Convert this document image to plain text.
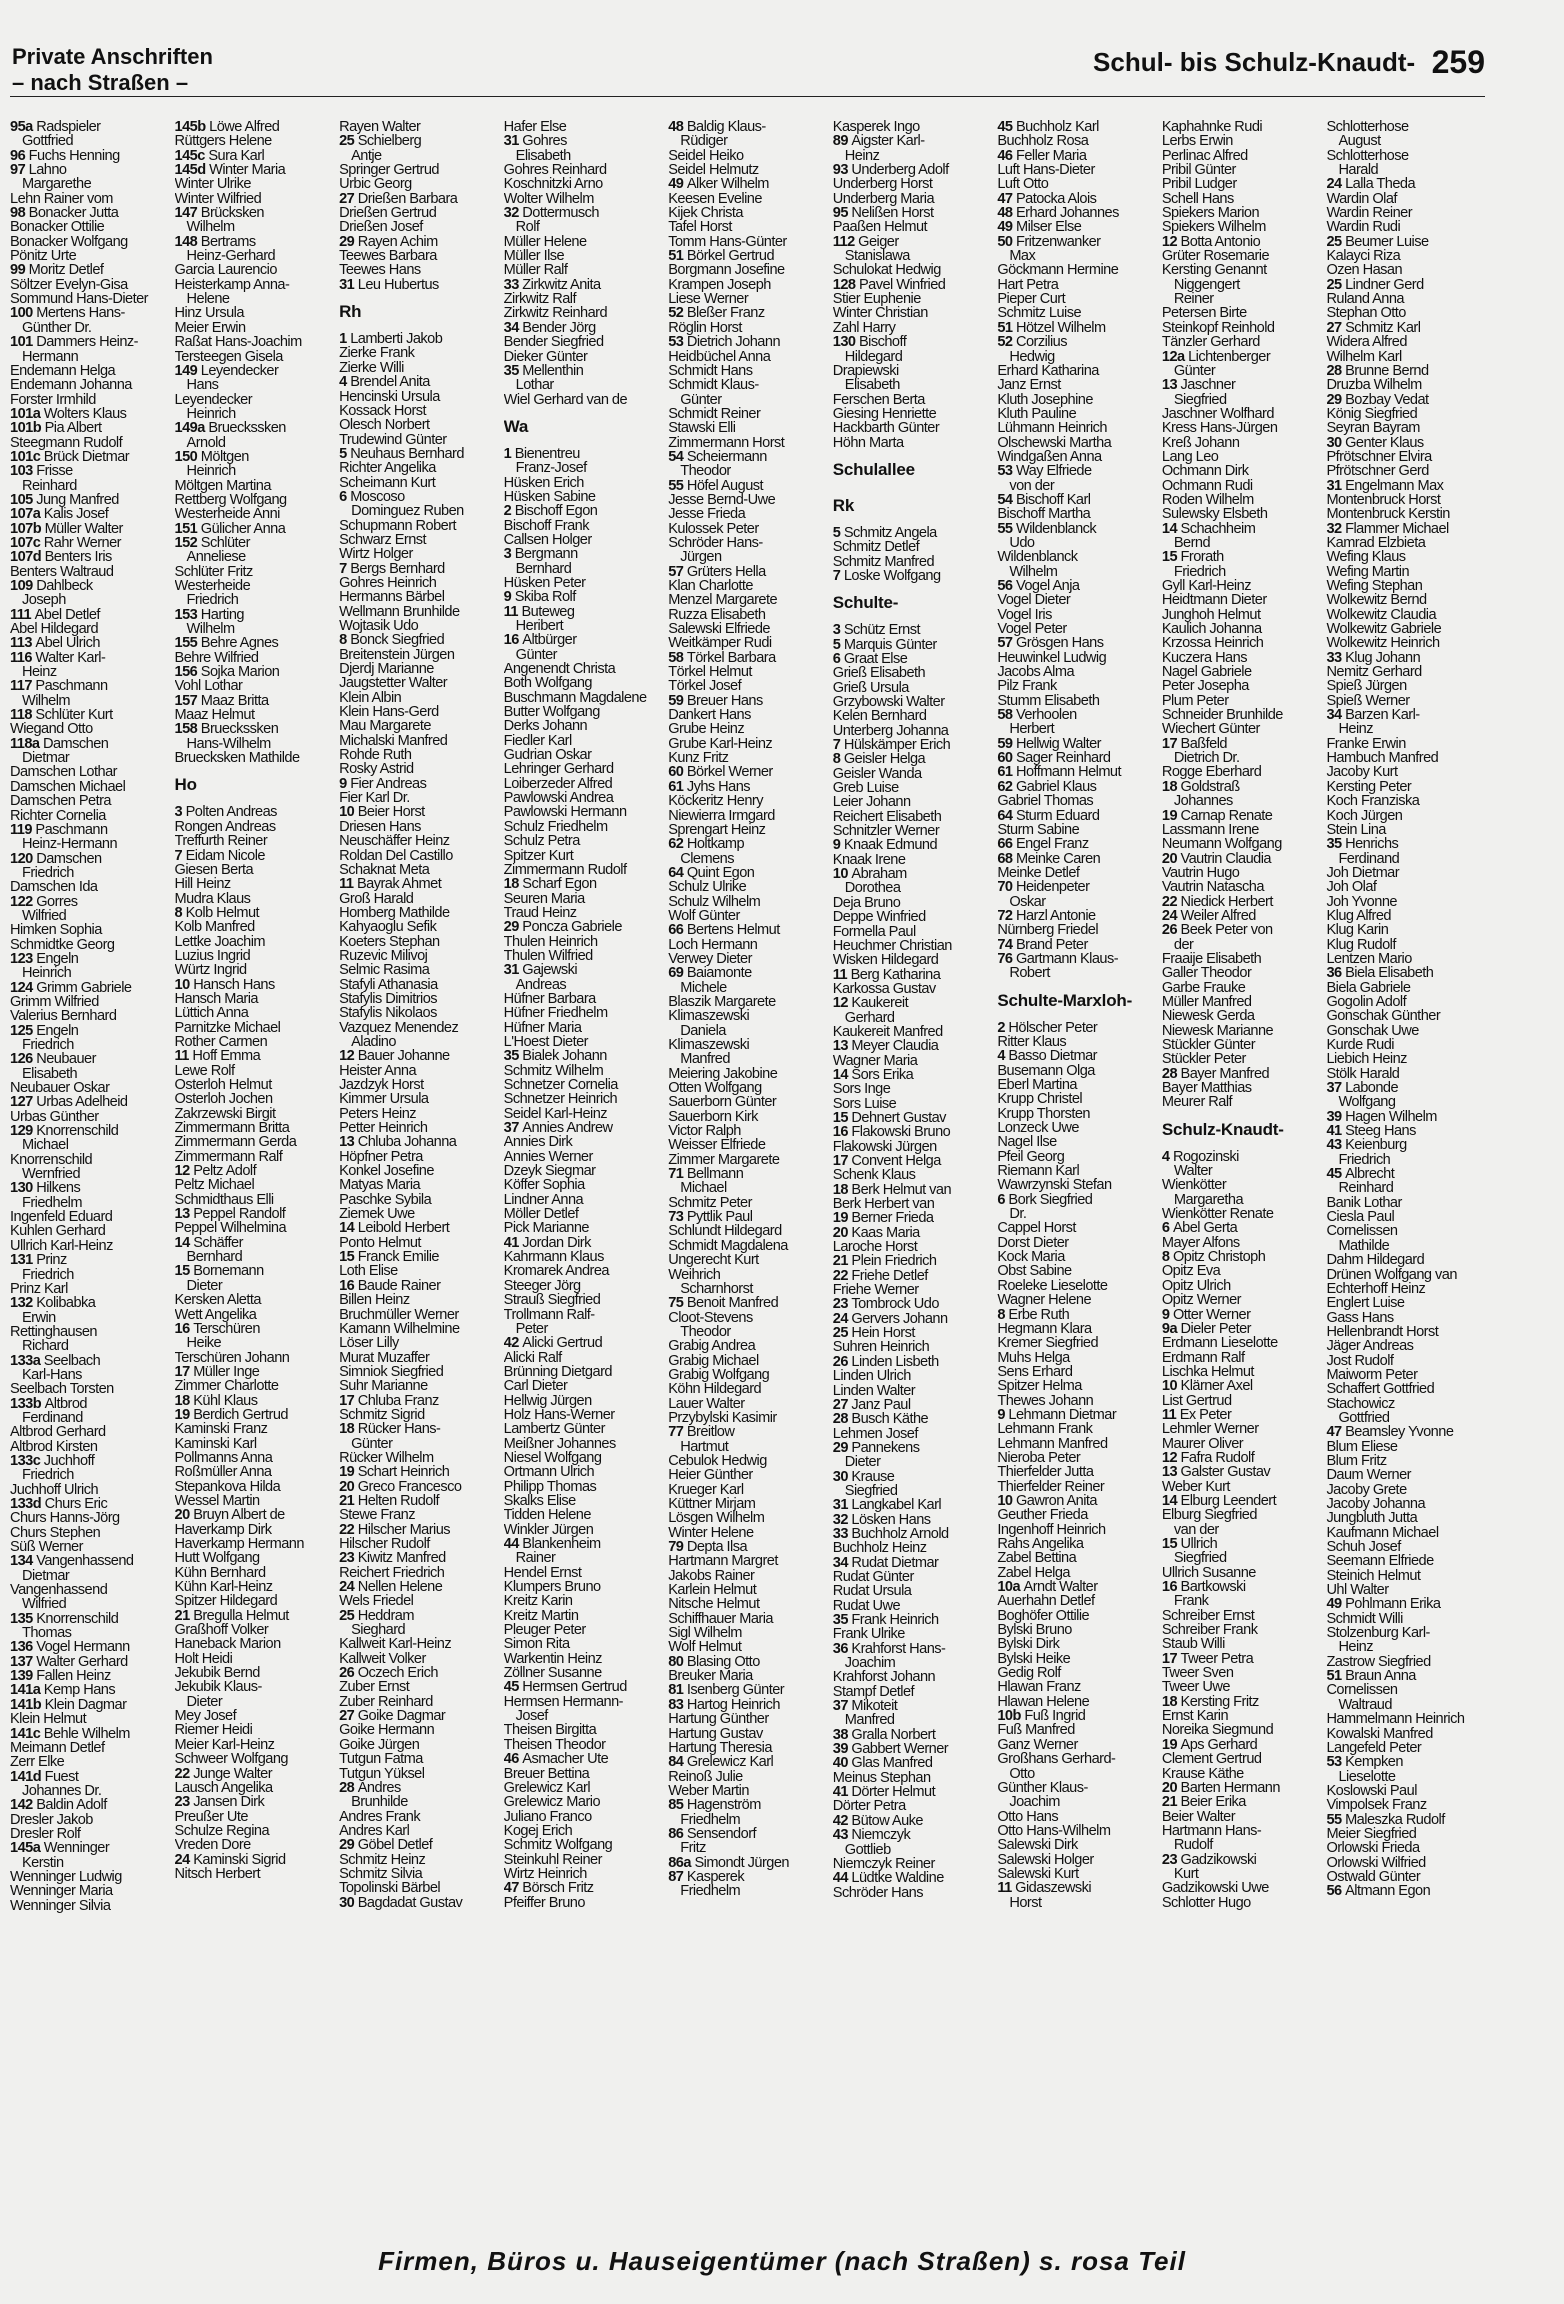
Private Anschriften
– nach Straßen –
Schul- bis Schulz-Knaudt- 259
95a Radspieler
Gottfried
96 Fuchs Henning
97 Lahno
Margarethe
Lehn Rainer vom
98 Bonacker Jutta
Bonacker Ottilie
Bonacker Wolfgang
Pönitz Urte
99 Moritz Detlef
Söltzer Evelyn-Gisa
Sommund Hans-Dieter
100 Mertens Hans-
Günther Dr.
101 Dammers Heinz-
Hermann
Endemann Helga
Endemann Johanna
Forster Irmhild
101a Wolters Klaus
101b Pia Albert
Steegmann Rudolf
101c Brück Dietmar
103 Frisse
Reinhard
105 Jung Manfred
107a Kalis Josef
107b Müller Walter
107c Rahr Werner
107d Benters Iris
Benters Waltraud
109 Dahlbeck
Joseph
111 Abel Detlef
Abel Hildegard
113 Abel Ulrich
116 Walter Karl-
Heinz
117 Paschmann
Wilhelm
118 Schlüter Kurt
Wiegand Otto
118a Damschen
Dietmar
Damschen Lothar
Damschen Michael
Damschen Petra
Richter Cornelia
119 Paschmann
Heinz-Hermann
120 Damschen
Friedrich
Damschen Ida
122 Gorres
Wilfried
Himken Sophia
Schmidtke Georg
123 Engeln
Heinrich
124 Grimm Gabriele
Grimm Wilfried
Valerius Bernhard
125 Engeln
Friedrich
126 Neubauer
Elisabeth
Neubauer Oskar
127 Urbas Adelheid
Urbas Günther
129 Knorrenschild
Michael
Knorrenschild
Wernfried
130 Hilkens
Friedhelm
Ingenfeld Eduard
Kuhlen Gerhard
Ullrich Karl-Heinz
131 Prinz
Friedrich
Prinz Karl
132 Kolibabka
Erwin
Rettinghausen
Richard
133a Seelbach
Karl-Hans
Seelbach Torsten
133b Altbrod
Ferdinand
Altbrod Gerhard
Altbrod Kirsten
133c Juchhoff
Friedrich
Juchhoff Ulrich
133d Churs Eric
Churs Hanns-Jörg
Churs Stephen
Süß Werner
134 Vangenhassend
Dietmar
Vangenhassend
Wilfried
135 Knorrenschild
Thomas
136 Vogel Hermann
137 Walter Gerhard
139 Fallen Heinz
141a Kemp Hans
141b Klein Dagmar
Klein Helmut
141c Behle Wilhelm
Meimann Detlef
Zerr Elke
141d Fuest
Johannes Dr.
142 Baldin Adolf
Dresler Jakob
Dresler Rolf
145a Wenninger
Kerstin
Wenninger Ludwig
Wenninger Maria
Wenninger Silvia
145b Löwe Alfred
Rüttgers Helene
145c Sura Karl
145d Winter Maria
Winter Ulrike
Winter Wilfried
147 Brücksken
Wilhelm
148 Bertrams
Heinz-Gerhard
Garcia Laurencio
Heisterkamp Anna-
Helene
Hinz Ursula
Meier Erwin
Raßat Hans-Joachim
Tersteegen Gisela
149 Leyendecker
Hans
Leyendecker
Heinrich
149a Brueckssken
Arnold
150 Möltgen
Heinrich
Möltgen Martina
Rettberg Wolfgang
Westerheide Anni
151 Gülicher Anna
152 Schlüter
Anneliese
Schlüter Fritz
Westerheide
Friedrich
153 Harting
Wilhelm
155 Behre Agnes
Behre Wilfried
156 Sojka Marion
Vohl Lothar
157 Maaz Britta
Maaz Helmut
158 Brueckssken
Hans-Wilhelm
Bruecksken Mathilde

Ho

3 Polten Andreas
Rongen Andreas
Treffurth Reiner
7 Eidam Nicole
Giesen Berta
Hill Heinz
Mudra Klaus
8 Kolb Helmut
Kolb Manfred
Lettke Joachim
Luzius Ingrid
Würtz Ingrid
10 Hansch Hans
Hansch Maria
Lüttich Anna
Parnitzke Michael
Rother Carmen
11 Hoff Emma
Lewe Rolf
Osterloh Helmut
Osterloh Jochen
Zakrzewski Birgit
Zimmermann Britta
Zimmermann Gerda
Zimmermann Ralf
12 Peltz Adolf
Peltz Michael
Schmidthaus Elli
13 Peppel Randolf
Peppel Wilhelmina
14 Schäffer
Bernhard
15 Bornemann
Dieter
Kersken Aletta
Wett Angelika
16 Terschüren
Heike
Terschüren Johann
17 Müller Inge
Zimmer Charlotte
18 Kühl Klaus
19 Berdich Gertrud
Kaminski Franz
Kaminski Karl
Pollmanns Anna
Roßmüller Anna
Stepankova Hilda
Wessel Martin
20 Bruyn Albert de
Haverkamp Dirk
Haverkamp Hermann
Hutt Wolfgang
Kühn Bernhard
Kühn Karl-Heinz
Spitzer Hildegard
21 Bregulla Helmut
Graßhoff Volker
Haneback Marion
Holt Heidi
Jekubik Bernd
Jekubik Klaus-
Dieter
Mey Josef
Riemer Heidi
Meier Karl-Heinz
Schweer Wolfgang
22 Junge Walter
Lausch Angelika
23 Jansen Dirk
Preußer Ute
Schulze Regina
Vreden Dore
24 Kaminski Sigrid
Nitsch Herbert
Rayen Walter
25 Schielberg
Antje
Springer Gertrud
Urbic Georg
27 Drießen Barbara
Drießen Gertrud
Drießen Josef
29 Rayen Achim
Teewes Barbara
Teewes Hans
31 Leu Hubertus

Rh

1 Lamberti Jakob
Zierke Frank
Zierke Willi
4 Brendel Anita
Hencinski Ursula
Kossack Horst
Olesch Norbert
Trudewind Günter
5 Neuhaus Bernhard
Richter Angelika
Scheimann Kurt
6 Moscoso
Dominguez Ruben
Schupmann Robert
Schwarz Ernst
Wirtz Holger
7 Bergs Bernhard
Gohres Heinrich
Hermanns Bärbel
Wellmann Brunhilde
Wojtasik Udo
8 Bonck Siegfried
Breitenstein Jürgen
Djerdj Marianne
Jaugstetter Walter
Klein Albin
Klein Hans-Gerd
Mau Margarete
Michalski Manfred
Rohde Ruth
Rosky Astrid
9 Fier Andreas
Fier Karl Dr.
10 Beier Horst
Driesen Hans
Neuschäffer Heinz
Roldan Del Castillo
Schaknat Meta
11 Bayrak Ahmet
Groß Harald
Homberg Mathilde
Kahyaoglu Sefik
Koeters Stephan
Ruzevic Milivoj
Selmic Rasima
Stafyli Athanasia
Stafylis Dimitrios
Stafylis Nikolaos
Vazquez Menendez
Aladino
12 Bauer Johanne
Heister Anna
Jazdzyk Horst
Kimmer Ursula
Peters Heinz
Petter Heinrich
13 Chluba Johanna
Höpfner Petra
Konkel Josefine
Matyas Maria
Paschke Sybila
Ziemek Uwe
14 Leibold Herbert
Ponto Helmut
15 Franck Emilie
Loth Elise
16 Baude Rainer
Billen Heinz
Bruchmüller Werner
Kamann Wilhelmine
Löser Lilly
Murat Muzaffer
Simniok Siegfried
Suhr Marianne
17 Chluba Franz
Schmitz Sigrid
18 Rücker Hans-
Günter
Rücker Wilhelm
19 Schart Heinrich
20 Greco Francesco
21 Helten Rudolf
Stewe Franz
22 Hilscher Marius
Hilscher Rudolf
23 Kiwitz Manfred
Reichert Friedrich
24 Nellen Helene
Wels Friedel
25 Heddram
Sieghard
Kallweit Karl-Heinz
Kallweit Volker
26 Oczech Erich
Zuber Ernst
Zuber Reinhard
27 Goike Dagmar
Goike Hermann
Goike Jürgen
Tutgun Fatma
Tutgun Yüksel
28 Andres
Brunhilde
Andres Frank
Andres Karl
29 Göbel Detlef
Schmitz Heinz
Schmitz Silvia
Topolinski Bärbel
30 Bagdadat Gustav
Hafer Else
31 Gohres
Elisabeth
Gohres Reinhard
Koschnitzki Arno
Wolter Wilhelm
32 Dottermusch
Rolf
Müller Helene
Müller Ilse
Müller Ralf
33 Zirkwitz Anita
Zirkwitz Ralf
Zirkwitz Reinhard
34 Bender Jörg
Bender Siegfried
Dieker Günter
35 Mellenthin
Lothar
Wiel Gerhard van de

Wa

1 Bienentreu
Franz-Josef
Hüsken Erich
Hüsken Sabine
2 Bischoff Egon
Bischoff Frank
Callsen Holger
3 Bergmann
Bernhard
Hüsken Peter
9 Skiba Rolf
11 Buteweg
Heribert
16 Altbürger
Günter
Angenendt Christa
Both Wolfgang
Buschmann Magdalene
Butter Wolfgang
Derks Johann
Fiedler Karl
Gudrian Oskar
Lehringer Gerhard
Loiberzeder Alfred
Pawlowski Andrea
Pawlowski Hermann
Schulz Friedhelm
Schulz Petra
Spitzer Kurt
Zimmermann Rudolf
18 Scharf Egon
Seuren Maria
Traud Heinz
29 Poncza Gabriele
Thulen Heinrich
Thulen Wilfried
31 Gajewski
Andreas
Hüfner Barbara
Hüfner Friedhelm
Hüfner Maria
L'Hoest Dieter
35 Bialek Johann
Schmitz Wilhelm
Schnetzer Cornelia
Schnetzer Heinrich
Seidel Karl-Heinz
37 Annies Andrew
Annies Dirk
Annies Werner
Dzeyk Siegmar
Köffer Sophia
Lindner Anna
Möller Detlef
Pick Marianne
41 Jordan Dirk
Kahrmann Klaus
Kromarek Andrea
Steeger Jörg
Strauß Siegfried
Trollmann Ralf-
Peter
42 Alicki Gertrud
Alicki Ralf
Brünning Dietgard
Carl Dieter
Hellwig Jürgen
Holz Hans-Werner
Lambertz Günter
Meißner Johannes
Niesel Wolfgang
Ortmann Ulrich
Philipp Thomas
Skalks Elise
Tidden Helene
Winkler Jürgen
44 Blankenheim
Rainer
Hendel Ernst
Klumpers Bruno
Kreitz Karin
Kreitz Martin
Pleuger Peter
Simon Rita
Warkentin Heinz
Zöllner Susanne
45 Hermsen Gertrud
Hermsen Hermann-
Josef
Theisen Birgitta
Theisen Theodor
46 Asmacher Ute
Breuer Bettina
Grelewicz Karl
Grelewicz Mario
Juliano Franco
Kogej Erich
Schmitz Wolfgang
Steinkuhl Reiner
Wirtz Heinrich
47 Börsch Fritz
Pfeiffer Bruno
48 Baldig Klaus-
Rüdiger
Seidel Heiko
Seidel Helmutz
49 Alker Wilhelm
Keesen Eveline
Kijek Christa
Tafel Horst
Tomm Hans-Günter
51 Börkel Gertrud
Borgmann Josefine
Krampen Joseph
Liese Werner
52 Bleßer Franz
Röglin Horst
53 Dietrich Johann
Heidbüchel Anna
Schmidt Hans
Schmidt Klaus-
Günter
Schmidt Reiner
Stawski Elli
Zimmermann Horst
54 Scheiermann
Theodor
55 Höfel August
Jesse Bernd-Uwe
Jesse Frieda
Kulossek Peter
Schröder Hans-
Jürgen
57 Grüters Hella
Klan Charlotte
Menzel Margarete
Ruzza Elisabeth
Salewski Elfriede
Weitkämper Rudi
58 Törkel Barbara
Törkel Helmut
Törkel Josef
59 Breuer Hans
Dankert Hans
Grube Heinz
Grube Karl-Heinz
Kunz Fritz
60 Börkel Werner
61 Jyhs Hans
Köckeritz Henry
Niewierra Irmgard
Sprengart Heinz
62 Holtkamp
Clemens
64 Quint Egon
Schulz Ulrike
Schulz Wilhelm
Wolf Günter
66 Bertens Helmut
Loch Hermann
Verwey Dieter
69 Baiamonte
Michele
Blaszik Margarete
Klimaszewski
Daniela
Klimaszewski
Manfred
Meiering Jakobine
Otten Wolfgang
Sauerborn Günter
Sauerborn Kirk
Victor Ralph
Weisser Elfriede
Zimmer Margarete
71 Bellmann
Michael
Schmitz Peter
73 Pyttlik Paul
Schlundt Hildegard
Schmidt Magdalena
Ungerecht Kurt
Weihrich
Scharnhorst
75 Benoit Manfred
Cloot-Stevens
Theodor
Grabig Andrea
Grabig Michael
Grabig Wolfgang
Köhn Hildegard
Lauer Walter
Przybylski Kasimir
77 Breitlow
Hartmut
Cebulok Hedwig
Heier Günther
Krueger Karl
Küttner Mirjam
Lösgen Wilhelm
Winter Helene
79 Depta Ilsa
Hartmann Margret
Jakobs Rainer
Karlein Helmut
Nitsche Helmut
Schiffhauer Maria
Sigl Wilhelm
Wolf Helmut
80 Blasing Otto
Breuker Maria
81 Isenberg Günter
83 Hartog Heinrich
Hartung Günther
Hartung Gustav
Hartung Theresia
84 Grelewicz Karl
Reinoß Julie
Weber Martin
85 Hagenström
Friedhelm
86 Sensendorf
Fritz
86a Simondt Jürgen
87 Kasperek
Friedhelm
Kasperek Ingo
89 Aigster Karl-
Heinz
93 Underberg Adolf
Underberg Horst
Underberg Maria
95 Nelißen Horst
Paaßen Helmut
112 Geiger
Stanislawa
Schulokat Hedwig
128 Pavel Winfried
Stier Euphenie
Winter Christian
Zahl Harry
130 Bischoff
Hildegard
Drapiewski
Elisabeth
Ferschen Berta
Giesing Henriette
Hackbarth Günter
Höhn Marta

Schulallee

Rk

5 Schmitz Angela
Schmitz Detlef
Schmitz Manfred
7 Loske Wolfgang

Schulte-

3 Schütz Ernst
5 Marquis Günter
6 Graat Else
Grieß Elisabeth
Grieß Ursula
Grzybowski Walter
Kelen Bernhard
Unterberg Johanna
7 Hülskämper Erich
8 Geisler Helga
Geisler Wanda
Greb Luise
Leier Johann
Reichert Elisabeth
Schnitzler Werner
9 Knaak Edmund
Knaak Irene
10 Abraham
Dorothea
Deja Bruno
Deppe Winfried
Formella Paul
Heuchmer Christian
Wisken Hildegard
11 Berg Katharina
Karkossa Gustav
12 Kaukereit
Gerhard
Kaukereit Manfred
13 Meyer Claudia
Wagner Maria
14 Sors Erika
Sors Inge
Sors Luise
15 Dehnert Gustav
16 Flakowski Bruno
Flakowski Jürgen
17 Convent Helga
Schenk Klaus
18 Berk Helmut van
Berk Herbert van
19 Berner Frieda
20 Kaas Maria
Laroche Horst
21 Plein Friedrich
22 Friehe Detlef
Friehe Werner
23 Tombrock Udo
24 Gervers Johann
25 Hein Horst
Suhren Heinrich
26 Linden Lisbeth
Linden Ulrich
Linden Walter
27 Janz Paul
28 Busch Käthe
Lehmen Josef
29 Pannekens
Dieter
30 Krause
Siegfried
31 Langkabel Karl
32 Lösken Hans
33 Buchholz Arnold
Buchholz Heinz
34 Rudat Dietmar
Rudat Günter
Rudat Ursula
Rudat Uwe
35 Frank Heinrich
Frank Ulrike
36 Krahforst Hans-
Joachim
Krahforst Johann
Stampf Detlef
37 Mikoteit
Manfred
38 Gralla Norbert
39 Gabbert Werner
40 Glas Manfred
Meinus Stephan
41 Dörter Helmut
Dörter Petra
42 Bütow Auke
43 Niemczyk
Gottlieb
Niemczyk Reiner
44 Lüdtke Waldine
Schröder Hans
45 Buchholz Karl
Buchholz Rosa
46 Feller Maria
Luft Hans-Dieter
Luft Otto
47 Patocka Alois
48 Erhard Johannes
49 Milser Else
50 Fritzenwanker
Max
Göckmann Hermine
Hart Petra
Pieper Curt
Schmitz Luise
51 Hötzel Wilhelm
52 Corzilius
Hedwig
Erhard Katharina
Janz Ernst
Kluth Josephine
Kluth Pauline
Lühmann Heinrich
Olschewski Martha
Windgaßen Anna
53 Way Elfriede
von der
54 Bischoff Karl
Bischoff Martha
55 Wildenblanck
Udo
Wildenblanck
Wilhelm
56 Vogel Anja
Vogel Dieter
Vogel Iris
Vogel Peter
57 Grösgen Hans
Heuwinkel Ludwig
Jacobs Alma
Pilz Frank
Stumm Elisabeth
58 Verhoolen
Herbert
59 Hellwig Walter
60 Sager Reinhard
61 Hoffmann Helmut
62 Gabriel Klaus
Gabriel Thomas
64 Sturm Eduard
Sturm Sabine
66 Engel Franz
68 Meinke Caren
Meinke Detlef
70 Heidenpeter
Oskar
72 Harzl Antonie
Nürnberg Friedel
74 Brand Peter
76 Gartmann Klaus-
Robert

Schulte-Marxloh-

2 Hölscher Peter
Ritter Klaus
4 Basso Dietmar
Busemann Olga
Eberl Martina
Krupp Christel
Krupp Thorsten
Lonzeck Uwe
Nagel Ilse
Pfeil Georg
Riemann Karl
Wawrzynski Stefan
6 Bork Siegfried
Dr.
Cappel Horst
Dorst Dieter
Kock Maria
Obst Sabine
Roeleke Lieselotte
Wagner Helene
8 Erbe Ruth
Hegmann Klara
Kremer Siegfried
Muhs Helga
Sens Erhard
Spitzer Helma
Thewes Johann
9 Lehmann Dietmar
Lehmann Frank
Lehmann Manfred
Nieroba Peter
Thierfelder Jutta
Thierfelder Reiner
10 Gawron Anita
Geuther Frieda
Ingenhoff Heinrich
Rahs Angelika
Zabel Bettina
Zabel Helga
10a Arndt Walter
Auerhahn Detlef
Boghöfer Ottilie
Bylski Bruno
Bylski Dirk
Bylski Heike
Gedig Rolf
Hlawan Franz
Hlawan Helene
10b Fuß Ingrid
Fuß Manfred
Ganz Werner
Großhans Gerhard-
Otto
Günther Klaus-
Joachim
Otto Hans
Otto Hans-Wilhelm
Salewski Dirk
Salewski Holger
Salewski Kurt
11 Gidaszewski
Horst
Kaphahnke Rudi
Lerbs Erwin
Perlinac Alfred
Pribil Günter
Pribil Ludger
Schell Hans
Spiekers Marion
Spiekers Wilhelm
12 Botta Antonio
Grüter Rosemarie
Kersting Genannt
Niggengert
Reiner
Petersen Birte
Steinkopf Reinhold
Tänzler Gerhard
12a Lichtenberger
Günter
13 Jaschner
Siegfried
Jaschner Wolfhard
Kress Hans-Jürgen
Kreß Johann
Lang Leo
Ochmann Dirk
Ochmann Rudi
Roden Wilhelm
Sulewsky Elsbeth
14 Schachheim
Bernd
15 Frorath
Friedrich
Gyll Karl-Heinz
Heidtmann Dieter
Junghoh Helmut
Kaulich Johanna
Krzossa Heinrich
Kuczera Hans
Nagel Gabriele
Peter Josepha
Plum Peter
Schneider Brunhilde
Wiechert Günter
17 Baßfeld
Dietrich Dr.
Rogge Eberhard
18 Goldstraß
Johannes
19 Carnap Renate
Lassmann Irene
Neumann Wolfgang
20 Vautrin Claudia
Vautrin Hugo
Vautrin Natascha
22 Niedick Herbert
24 Weiler Alfred
26 Beek Peter von
der
Fraaije Elisabeth
Galler Theodor
Garbe Frauke
Müller Manfred
Niewesk Gerda
Niewesk Marianne
Stückler Günter
Stückler Peter
28 Bayer Manfred
Bayer Matthias
Meurer Ralf

Schulz-Knaudt-

4 Rogozinski
Walter
Wienkötter
Margaretha
Wienkötter Renate
6 Abel Gerta
Mayer Alfons
8 Opitz Christoph
Opitz Eva
Opitz Ulrich
Opitz Werner
9 Otter Werner
9a Dieler Peter
Erdmann Lieselotte
Erdmann Ralf
Lischka Helmut
10 Klärner Axel
List Gertrud
11 Ex Peter
Lehmler Werner
Maurer Oliver
12 Fafra Rudolf
13 Galster Gustav
Weber Kurt
14 Elburg Leendert
Elburg Siegfried
van der
15 Ullrich
Siegfried
Ullrich Susanne
16 Bartkowski
Frank
Schreiber Ernst
Schreiber Frank
Staub Willi
17 Tweer Petra
Tweer Sven
Tweer Uwe
18 Kersting Fritz
Ernst Karin
Noreika Siegmund
19 Aps Gerhard
Clement Gertrud
Krause Käthe
20 Barten Hermann
21 Beier Erika
Beier Walter
Hartmann Hans-
Rudolf
23 Gadzikowski
Kurt
Gadzikowski Uwe
Schlotter Hugo
Schlotterhose
August
Schlotterhose
Harald
24 Lalla Theda
Wardin Olaf
Wardin Reiner
Wardin Rudi
25 Beumer Luise
Kalayci Riza
Özen Hasan
25 Lindner Gerd
Ruland Anna
Stephan Otto
27 Schmitz Karl
Widera Alfred
Wilhelm Karl
28 Brunne Bernd
Druzba Wilhelm
29 Bozbay Vedat
König Siegfried
Seyran Bayram
30 Genter Klaus
Pfrötschner Elvira
Pfrötschner Gerd
31 Engelmann Max
Montenbruck Horst
Montenbruck Kerstin
32 Flammer Michael
Kamrad Elzbieta
Wefing Klaus
Wefing Martin
Wefing Stephan
Wolkewitz Bernd
Wolkewitz Claudia
Wolkewitz Gabriele
Wolkewitz Heinrich
33 Klug Johann
Nemitz Gerhard
Spieß Jürgen
Spieß Werner
34 Barzen Karl-
Heinz
Franke Erwin
Hambuch Manfred
Jacoby Kurt
Kersting Peter
Koch Franziska
Koch Jürgen
Stein Lina
35 Henrichs
Ferdinand
Joh Dietmar
Joh Olaf
Joh Yvonne
Klug Alfred
Klug Karin
Klug Rudolf
Lentzen Mario
36 Biela Elisabeth
Biela Gabriele
Gogolin Adolf
Gonschak Günther
Gonschak Uwe
Kurde Rudi
Liebich Heinz
Stölk Harald
37 Labonde
Wolfgang
39 Hagen Wilhelm
41 Steeg Hans
43 Keienburg
Friedrich
45 Albrecht
Reinhard
Banik Lothar
Ciesla Paul
Cornelissen
Mathilde
Dahm Hildegard
Drünen Wolfgang van
Echterhoff Heinz
Englert Luise
Gass Hans
Hellenbrandt Horst
Jäger Andreas
Jost Rudolf
Maiworm Peter
Schaffert Gottfried
Stachowicz
Gottfried
47 Beamsley Yvonne
Blum Eliese
Blum Fritz
Daum Werner
Jacoby Grete
Jacoby Johanna
Jungbluth Jutta
Kaufmann Michael
Schuh Josef
Seemann Elfriede
Steinich Helmut
Uhl Walter
49 Pohlmann Erika
Schmidt Willi
Stolzenburg Karl-
Heinz
Zastrow Siegfried
51 Braun Anna
Cornelissen
Waltraud
Hammelmann Heinrich
Kowalski Manfred
Langefeld Peter
53 Kempken
Lieselotte
Koslowski Paul
Vimpolsek Franz
55 Maleszka Rudolf
Meier Siegfried
Orlowski Frieda
Orlowski Wilfried
Ostwald Günter
56 Altmann Egon
Firmen, Büros u. Hauseigentümer (nach Straßen) s. rosa Teil
